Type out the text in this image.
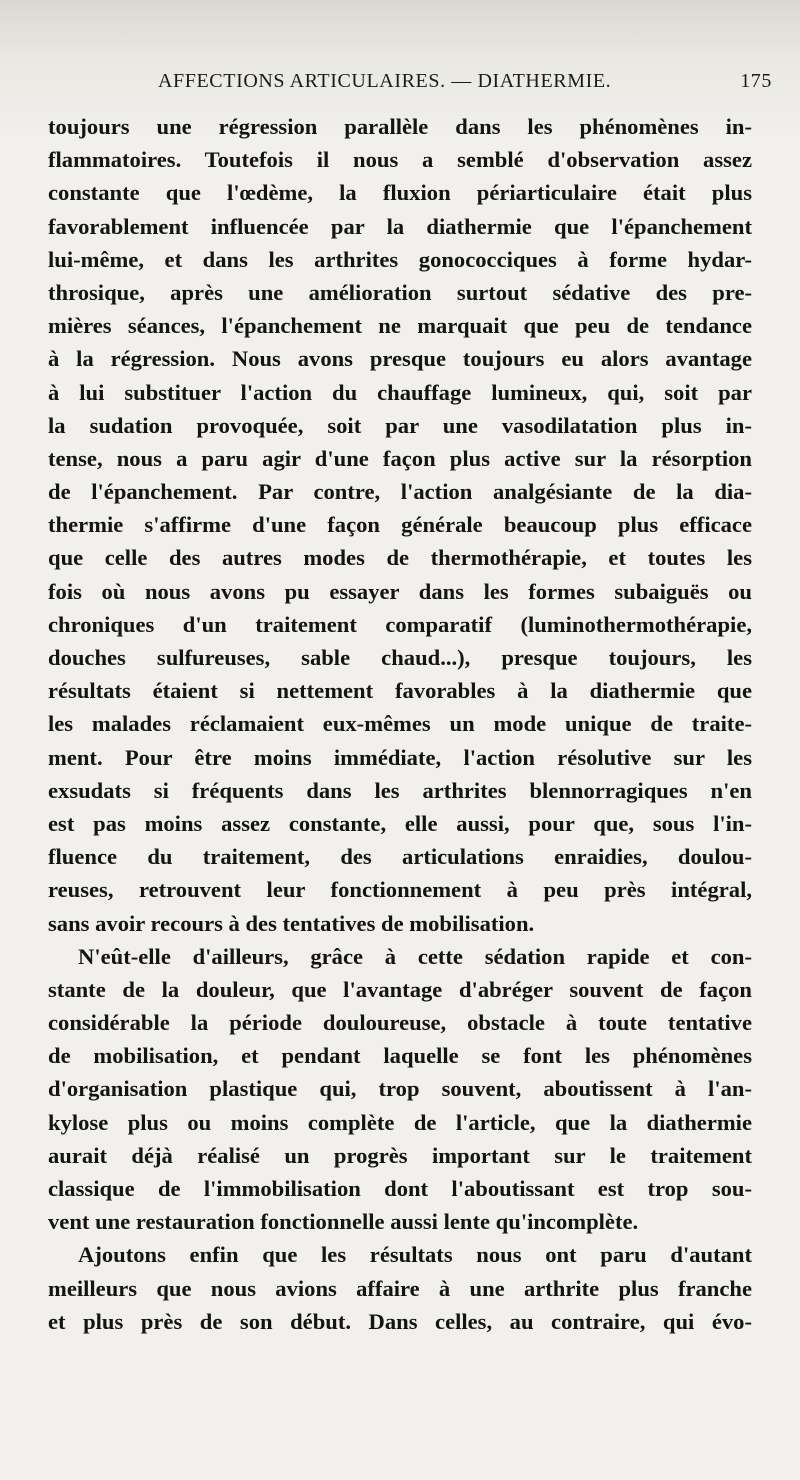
AFFECTIONS ARTICULAIRES. — DIATHERMIE.	175
toujours une régression parallèle dans les phénomènes in-
flammatoires. Toutefois il nous a semblé d'observation assez
constante que l'œdème, la fluxion périarticulaire était plus
favorablement influencée par la diathermie que l'épanchement
lui-même, et dans les arthrites gonococciques à forme hydar-
throsique, après une amélioration surtout sédative des pre-
mières séances, l'épanchement ne marquait que peu de tendance
à la régression. Nous avons presque toujours eu alors avantage
à lui substituer l'action du chauffage lumineux, qui, soit par
la sudation provoquée, soit par une vasodilatation plus in-
tense, nous a paru agir d'une façon plus active sur la résorption
de l'épanchement. Par contre, l'action analgésiante de la dia-
thermie s'affirme d'une façon générale beaucoup plus efficace
que celle des autres modes de thermothérapie, et toutes les
fois où nous avons pu essayer dans les formes subaiguës ou
chroniques d'un traitement comparatif (luminothermothérapie,
douches sulfureuses, sable chaud...), presque toujours, les
résultats étaient si nettement favorables à la diathermie que
les malades réclamaient eux-mêmes un mode unique de traite-
ment. Pour être moins immédiate, l'action résolutive sur les
exsudats si fréquents dans les arthrites blennorragiques n'en
est pas moins assez constante, elle aussi, pour que, sous l'in-
fluence du traitement, des articulations enraidies, doulou-
reuses, retrouvent leur fonctionnement à peu près intégral,
sans avoir recours à des tentatives de mobilisation.
N'eût-elle d'ailleurs, grâce à cette sédation rapide et con-
stante de la douleur, que l'avantage d'abréger souvent de façon
considérable la période douloureuse, obstacle à toute tentative
de mobilisation, et pendant laquelle se font les phénomènes
d'organisation plastique qui, trop souvent, aboutissent à l'an-
kylose plus ou moins complète de l'article, que la diathermie
aurait déjà réalisé un progrès important sur le traitement
classique de l'immobilisation dont l'aboutissant est trop sou-
vent une restauration fonctionnelle aussi lente qu'incomplète.
Ajoutons enfin que les résultats nous ont paru d'autant
meilleurs que nous avions affaire à une arthrite plus franche
et plus près de son début. Dans celles, au contraire, qui évo-
